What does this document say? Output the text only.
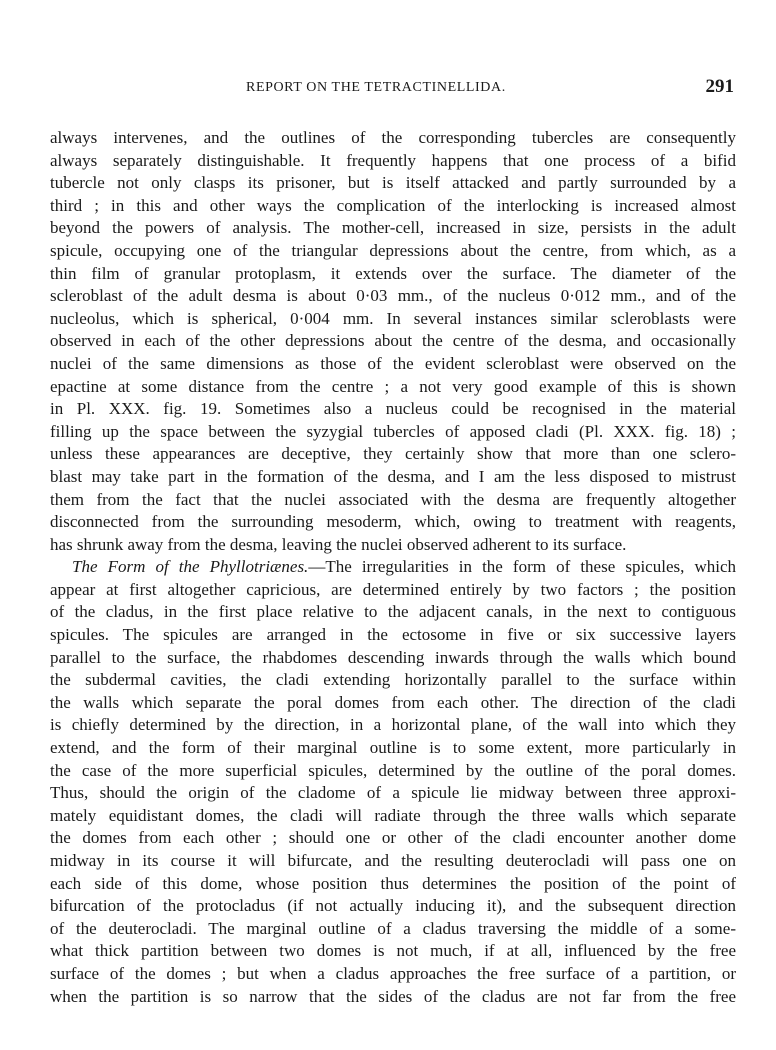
REPORT ON THE TETRACTINELLIDA.	291
always intervenes, and the outlines of the corresponding tubercles are consequently
always separately distinguishable. It frequently happens that one process of a bifid
tubercle not only clasps its prisoner, but is itself attacked and partly surrounded by a
third ; in this and other ways the complication of the interlocking is increased almost
beyond the powers of analysis. The mother-cell, increased in size, persists in the adult
spicule, occupying one of the triangular depressions about the centre, from which, as a
thin film of granular protoplasm, it extends over the surface. The diameter of the
scleroblast of the adult desma is about 0·03 mm., of the nucleus 0·012 mm., and of the
nucleolus, which is spherical, 0·004 mm. In several instances similar scleroblasts were
observed in each of the other depressions about the centre of the desma, and occasionally
nuclei of the same dimensions as those of the evident scleroblast were observed on the
epactine at some distance from the centre ; a not very good example of this is shown
in Pl. XXX. fig. 19. Sometimes also a nucleus could be recognised in the material
filling up the space between the syzygial tubercles of apposed cladi (Pl. XXX. fig. 18) ;
unless these appearances are deceptive, they certainly show that more than one sclero-
blast may take part in the formation of the desma, and I am the less disposed to mistrust
them from the fact that the nuclei associated with the desma are frequently altogether
disconnected from the surrounding mesoderm, which, owing to treatment with reagents,
has shrunk away from the desma, leaving the nuclei observed adherent to its surface.
The Form of the Phyllotriænes.—The irregularities in the form of these spicules, which
appear at first altogether capricious, are determined entirely by two factors ; the position
of the cladus, in the first place relative to the adjacent canals, in the next to contiguous
spicules. The spicules are arranged in the ectosome in five or six successive layers
parallel to the surface, the rhabdomes descending inwards through the walls which bound
the subdermal cavities, the cladi extending horizontally parallel to the surface within
the walls which separate the poral domes from each other. The direction of the cladi
is chiefly determined by the direction, in a horizontal plane, of the wall into which they
extend, and the form of their marginal outline is to some extent, more particularly in
the case of the more superficial spicules, determined by the outline of the poral domes.
Thus, should the origin of the cladome of a spicule lie midway between three approxi-
mately equidistant domes, the cladi will radiate through the three walls which separate
the domes from each other ; should one or other of the cladi encounter another dome
midway in its course it will bifurcate, and the resulting deuterocladi will pass one on
each side of this dome, whose position thus determines the position of the point of
bifurcation of the protocladus (if not actually inducing it), and the subsequent direction
of the deuterocladi. The marginal outline of a cladus traversing the middle of a some-
what thick partition between two domes is not much, if at all, influenced by the free
surface of the domes ; but when a cladus approaches the free surface of a partition, or
when the partition is so narrow that the sides of the cladus are not far from the free
